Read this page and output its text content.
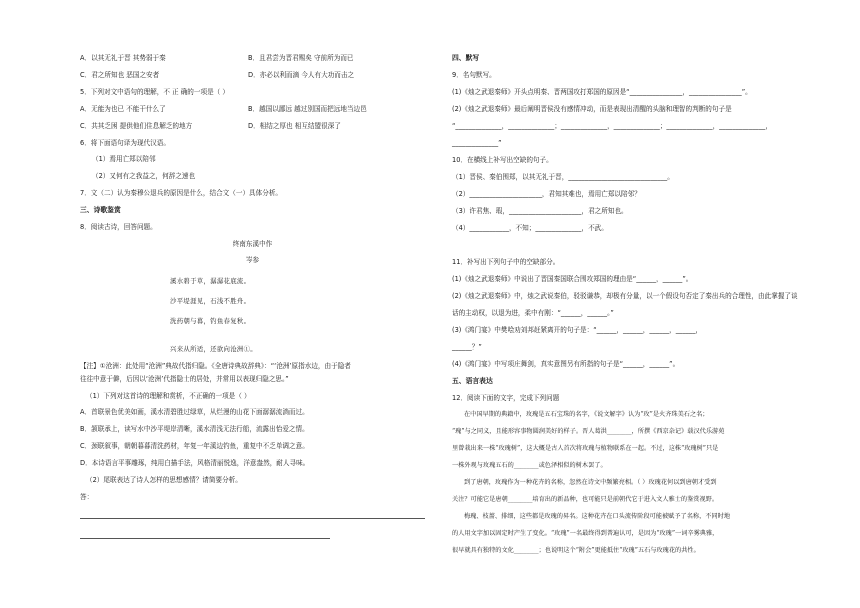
A．以其无礼于晋 其势弱于秦	B．且君尝为晋君赐矣 守前所为而已
C．君之所知也 恶国之安者	D．亦必以利而滴 今人有大功而击之
5．下列对文中语句的理解，不 正 确的一项是（ ）
A．无能为也已 不能干什么了	B．越国以鄙远 越过别国而把远地当边邑
C．共其乏困 提供他们住息解乏的地方	D．相结之厚也 相互结盟很深了
6．将下面语句译为现代汉语。
（1）焉用亡郑以陪邻
（2）又何有之我益之，何辞之速也
7．文（二）认为秦穆公退兵的原因是什么，结合文（一）具体分析。
三、诗歌鉴赏
8．阅读古诗，回答问题。
终南东溪中作
岑参
溪水碧于草，潺潺花底流。
沙平堤涯见，石浅不胜舟。
洗药朝与暮，钓鱼春复秋。
兴来从所适，还欲向沧洲①。
【注】①沧洲：此处用“沧洲”典故代指归隐。《全唐诗典故辞典》：“‘沧洲’原指水边，由于隐者
往往中意于僻，后因以‘沧洲’代指隐士的居处，并常用以表现归隐之思。”
（1）下列对这首诗的理解和赏析，不正确的一项是（ ）
A．首联景色优美如画，溪水清碧胜过绿草，从烂漫的山花下面潺潺流淌而过。
B．颔联承上，读写水中沙平堤岸清晰，溪水清浅无法行船，流露出怡爱之情。
C．颈联叙事，朝朝暮暮清洗药材，年复一年溪边钓鱼，重复中不乏单调之意。
D．本诗语言平事雕琢，纯用白描手法，风格清丽悦逸，洋意盎然，耐人寻味。
（2）尾联表达了诗人怎样的思想感情？请简要分析。
答：
四、默写
9．名句默写。
(1)《烛之武退秦师》开头点明秦、晋两国攻打郑国的原因是“________________，________________”。
(2)《烛之武退秦师》最后阐明晋侯没有感情冲动，而是表现出清醒的头脑和理智的判断的句子是
“______________，______________；______________，______________；______________，______________，
______________”
10．在横线上补写出空缺的句子。
（1）晋侯、秦伯围郑，以其无礼于晋，______________________________。
（2）______________________，君知其难也，焉用亡郑以陪邻？
（3）许君焦、瑕，______________________，君之所知也。
（4）____________，不知；______________，不武。
11．补写出下列句子中的空缺部分。
(1)《烛之武退秦师》中说出了晋国秦国联合围攻郑国的理由是“______，______”。
(2)《烛之武退秦师》中，烛之武说秦伯，驳驳谦恭，却极有分量，以一个假设句否定了秦出兵的合理性，由此掌握了谈
话的主动权，以退为进，柔中有刚：“______，______。”
(3)《鸿门宴》中樊哙劝刘邦赶紧离开的句子是：“______，______，______，______，
______？”
(4)《鸿门宴》中写项庄舞剑，真实意图另有所指的句子是“______，______”。
五、语言表达
12．阅读下面的文字，完成下列问题
在中国早期的典籍中，玫瑰是五石宝珠的名字，《说文解字》认为“玫”是火齐珠美石之名；
“瑰”与之同义，且能形容事物圆润美好的样子。晋人葛洪________，所撰《西京杂记》载汉代乐游苑
里曾栽出来一株“玫瑰树”，这大概是古人首次将玫瑰与植物联系在一起。不过，这株“玫瑰树”只是
一株外观与玫瑰五石的________或色泽相似的树木罢了。
到了唐朝，玫瑰作为一种花卉的名称，忽然在诗文中频繁亮相。（ ）玫瑰花何以到唐朝才受到
关注？可能它是唐朝________培育出的新品种，也可能只是前朝代它于进入文人雅士的鉴赏视野。
梅瑰、枝蔷、排细，这些都是玫瑰的昇名。这种花卉在口头流传阶段可能被赋予了名称，不同时地
的人用文字加以固定时产生了变化。“玫瑰”一名最终得到普遍认可，是因为“玫瑰”一词辛雾典雅，
很早就具有独特的文化________；也说明这个“附会”更能抵住“玫瑰”五石与玫瑰花的共性。
